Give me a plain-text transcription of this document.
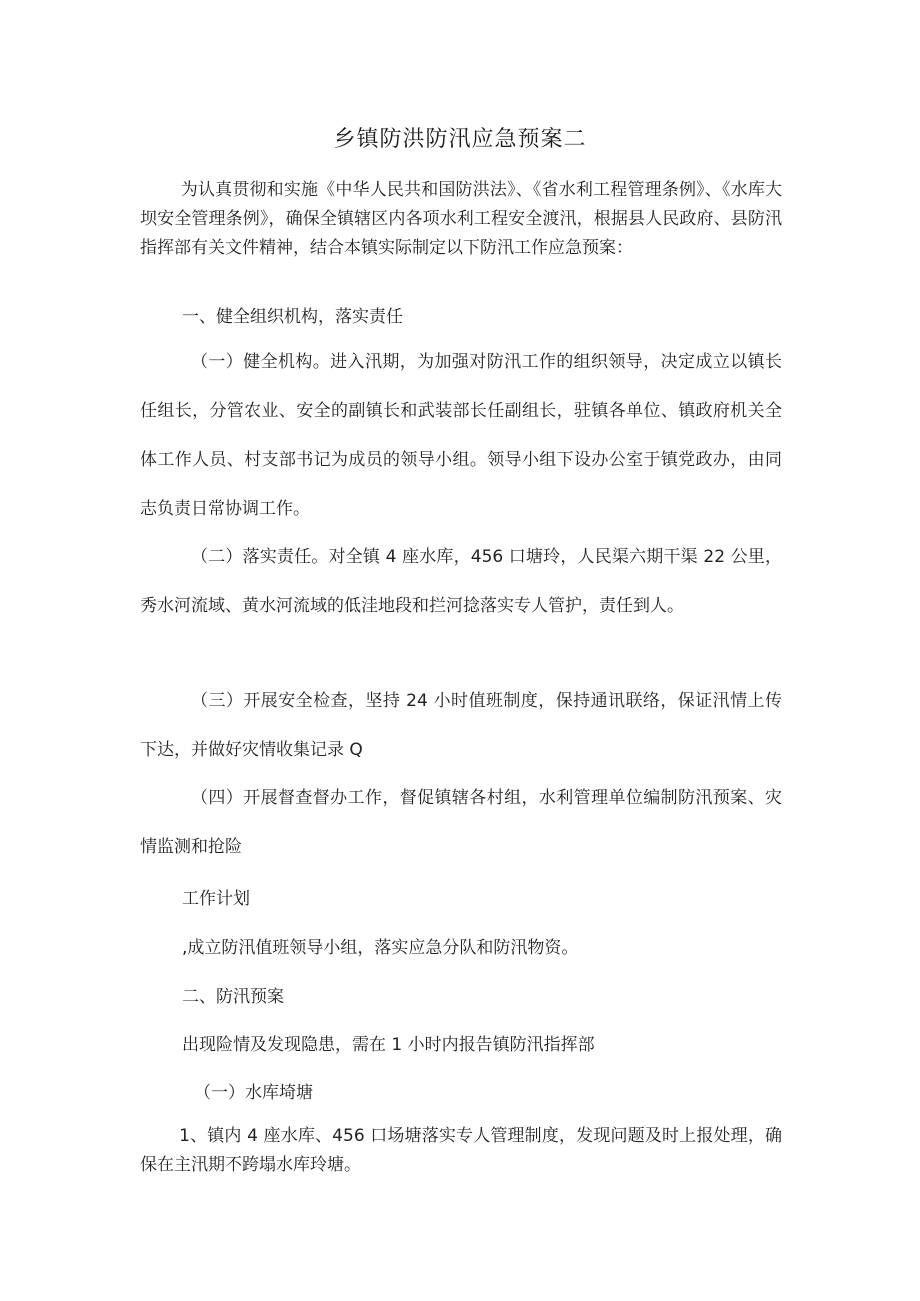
乡镇防洪防汛应急预案二

为认真贯彻和实施《中华人民共和国防洪法》、《省水利工程管理条例》、《水库大坝安全管理条例》，确保全镇辖区内各项水利工程安全渡汛，根据县人民政府、县防汛指挥部有关文件精神，结合本镇实际制定以下防汛工作应急预案：

一、健全组织机构，落实责任

（一）健全机构。进入汛期，为加强对防汛工作的组织领导，决定成立以镇长任组长，分管农业、安全的副镇长和武装部长任副组长，驻镇各单位、镇政府机关全体工作人员、村支部书记为成员的领导小组。领导小组下设办公室于镇党政办，由同志负责日常协调工作。

（二）落实责任。对全镇 4 座水库，456 口塘玲，人民渠六期干渠 22 公里，秀水河流域、黄水河流域的低洼地段和拦河捻落实专人管护，责任到人。

（三）开展安全检查，坚持 24 小时值班制度，保持通讯联络，保证汛情上传下达，并做好灾情收集记录 Q

（四）开展督查督办工作，督促镇辖各村组，水利管理单位编制防汛预案、灾情监测和抢险

工作计划

,成立防汛值班领导小组，落实应急分队和防汛物资。

二、防汛预案

出现险情及发现隐患，需在 1 小时内报告镇防汛指挥部

（一）水库埼塘

1、镇内 4 座水库、456 口场塘落实专人管理制度，发现问题及时上报处理，确保在主汛期不跨塌水库玲塘。
